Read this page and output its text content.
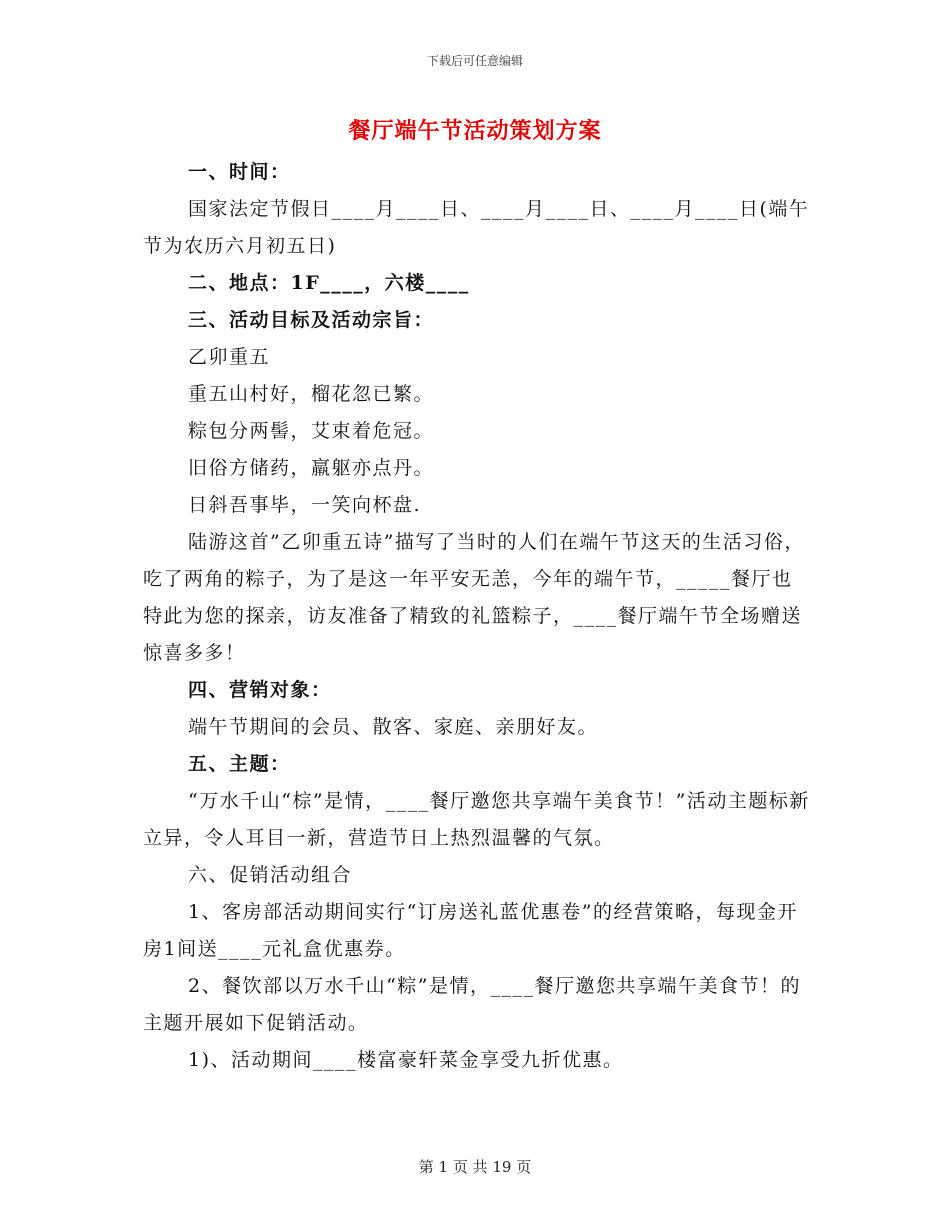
下载后可任意编辑
餐厅端午节活动策划方案

一、时间：

国家法定节假日____月____日、____月____日、____月____日(端午节为农历六月初五日)

二、地点：1F____，六楼____

三、活动目标及活动宗旨：

乙卯重五

重五山村好，榴花忽已繁。

粽包分两髻，艾束着危冠。

旧俗方储药，羸躯亦点丹。

日斜吾事毕，一笑向杯盘.

陆游这首”乙卯重五诗”描写了当时的人们在端午节这天的生活习俗，吃了两角的粽子，为了是这一年平安无恙，今年的端午节，_____餐厅也特此为您的探亲，访友准备了精致的礼篮粽子，____餐厅端午节全场赠送惊喜多多！

四、营销对象：

端午节期间的会员、散客、家庭、亲朋好友。

五、主题：

“万水千山“棕”是情，____餐厅邀您共享端午美食节！”活动主题标新立异，令人耳目一新，营造节日上热烈温馨的气氛。

六、促销活动组合

1、客房部活动期间实行“订房送礼蓝优惠卷”的经营策略，每现金开房1间送____元礼盒优惠券。

2、餐饮部以万水千山“粽”是情，____餐厅邀您共享端午美食节！的主题开展如下促销活动。

1)、活动期间____楼富豪轩菜金享受九折优惠。

第 1 页 共 19 页
